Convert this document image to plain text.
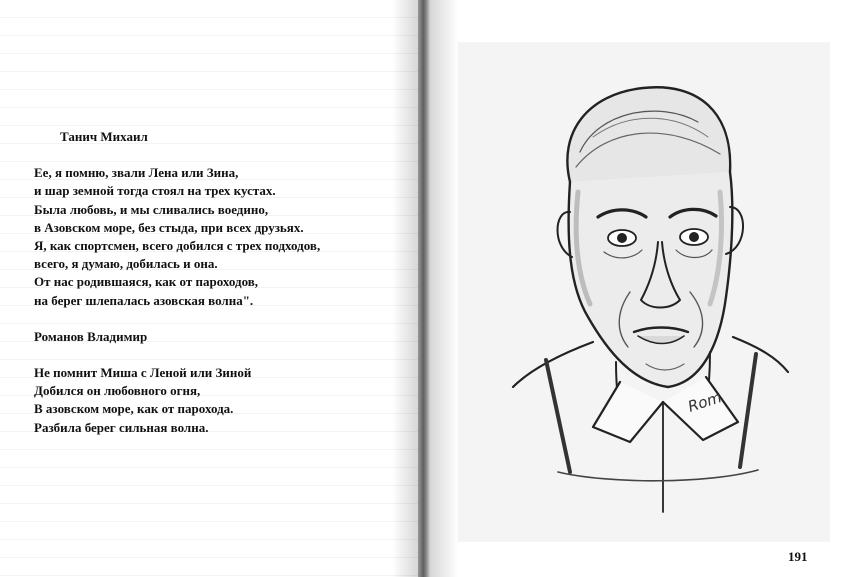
Танич Михаил
Ее, я помню, звали Лена или Зина,
и шар земной тогда стоял на трех кустах.
Была любовь, и мы сливались воедино,
в Азовском море, без стыда, при всех друзьях.
Я, как спортсмен, всего добился с трех подходов,
всего, я думаю, добилась и она.
От нас родившаяся, как от пароходов,
на берег шлепалась азовская волна".
Романов Владимир
Не помнит Миша с Леной или Зиной
Добился он любовного огня,
В азовском море, как от парохода.
Разбила берег сильная волна.
Rom
191
